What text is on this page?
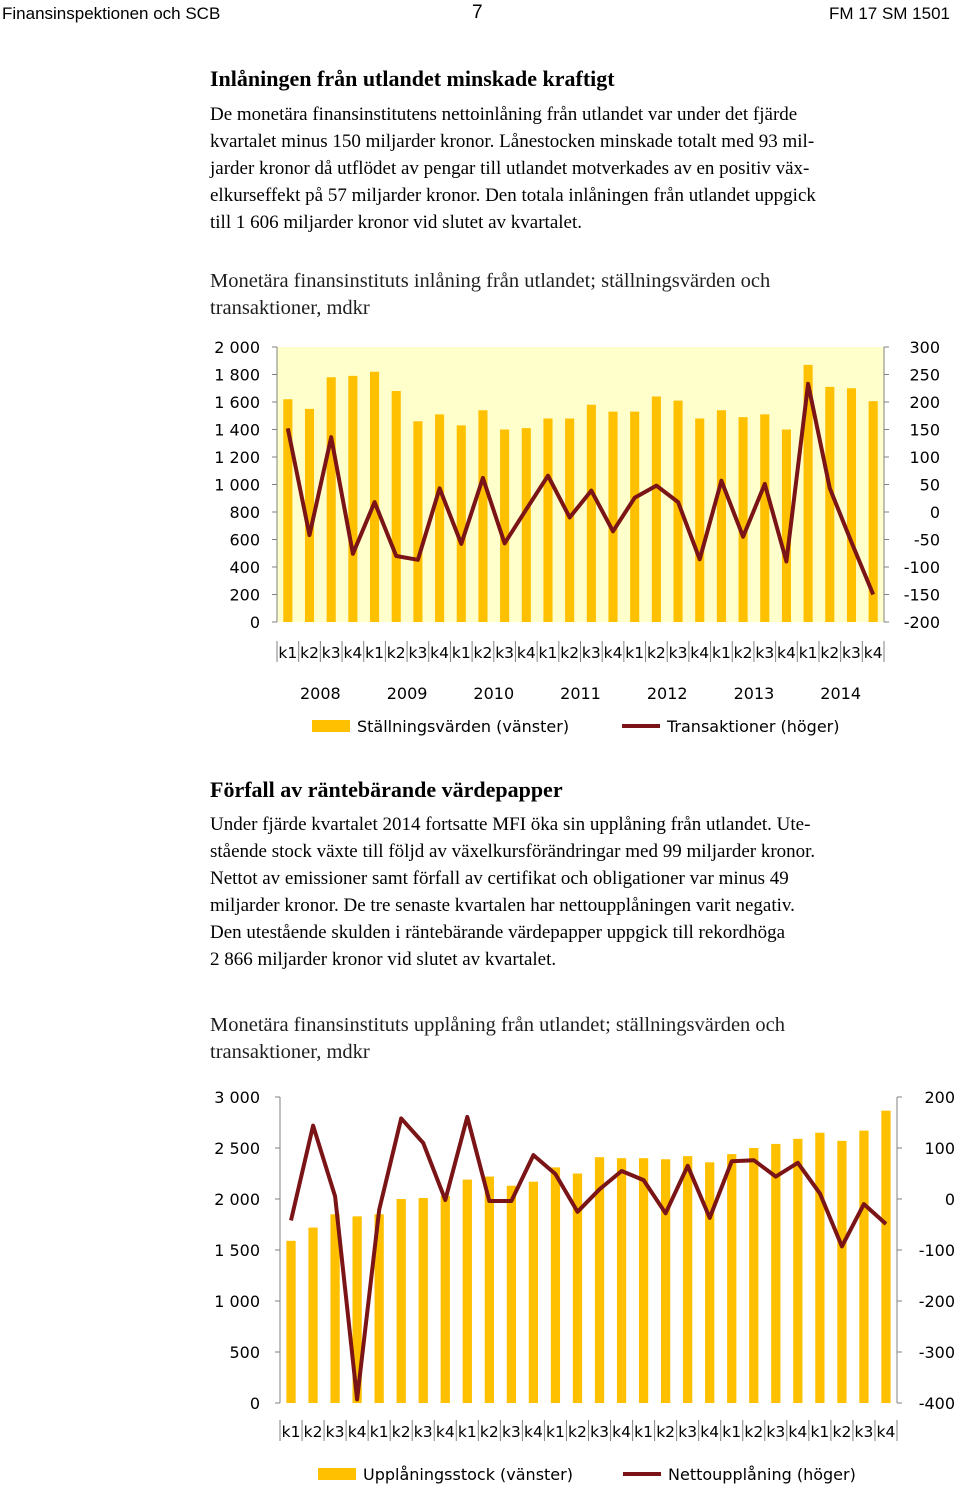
Finansinspektionen och SCB	7	FM 17 SM 1501
Inlåningen från utlandet minskade kraftigt
De monetära finansinstitutens nettoinlåning från utlandet var under det fjärde
kvartalet minus 150 miljarder kronor. Lånestocken minskade totalt med 93 mil-
jarder kronor då utflödet av pengar till utlandet motverkades av en positiv väx-
elkurseffekt på 57 miljarder kronor. Den totala inlåningen från utlandet uppgick
till 1 606 miljarder kronor vid slutet av kvartalet.
Monetära finansinstituts inlåning från utlandet; ställningsvärden och
transaktioner, mdkr
2 000	300
1 800	250
1 600	200
1 400	150
1 200	100
1 000	50
800	0
600	-50
400	-100
200	-150
0	-200
k1 k2 k3 k4 k1 k2 k3 k4 k1 k2 k3 k4 k1 k2 k3 k4 k1 k2 k3 k4 k1 k2 k3 k4 k1 k2 k3 k4
2008	2009	2010	2011	2012	2013	2014
Ställningsvärden (vänster)	Transaktioner (höger)
Förfall av räntebärande värdepapper
Under fjärde kvartalet 2014 fortsatte MFI öka sin upplåning från utlandet. Ute-
stående stock växte till följd av växelkursförändringar med 99 miljarder kronor.
Nettot av emissioner samt förfall av certifikat och obligationer var minus 49
miljarder kronor. De tre senaste kvartalen har nettoupplåningen varit negativ.
Den utestående skulden i räntebärande värdepapper uppgick till rekordhöga
2 866 miljarder kronor vid slutet av kvartalet.
Monetära finansinstituts upplåning från utlandet; ställningsvärden och
transaktioner, mdkr
3 000	200
2 500	100
2 000	0
1 500	-100
1 000	-200
500	-300
0	-400
k1 k2 k3 k4 k1 k2 k3 k4 k1 k2 k3 k4 k1 k2 k3 k4 k1 k2 k3 k4 k1 k2 k3 k4 k1 k2 k3 k4
Upplåningsstock (vänster)	Nettoupplåning (höger)
